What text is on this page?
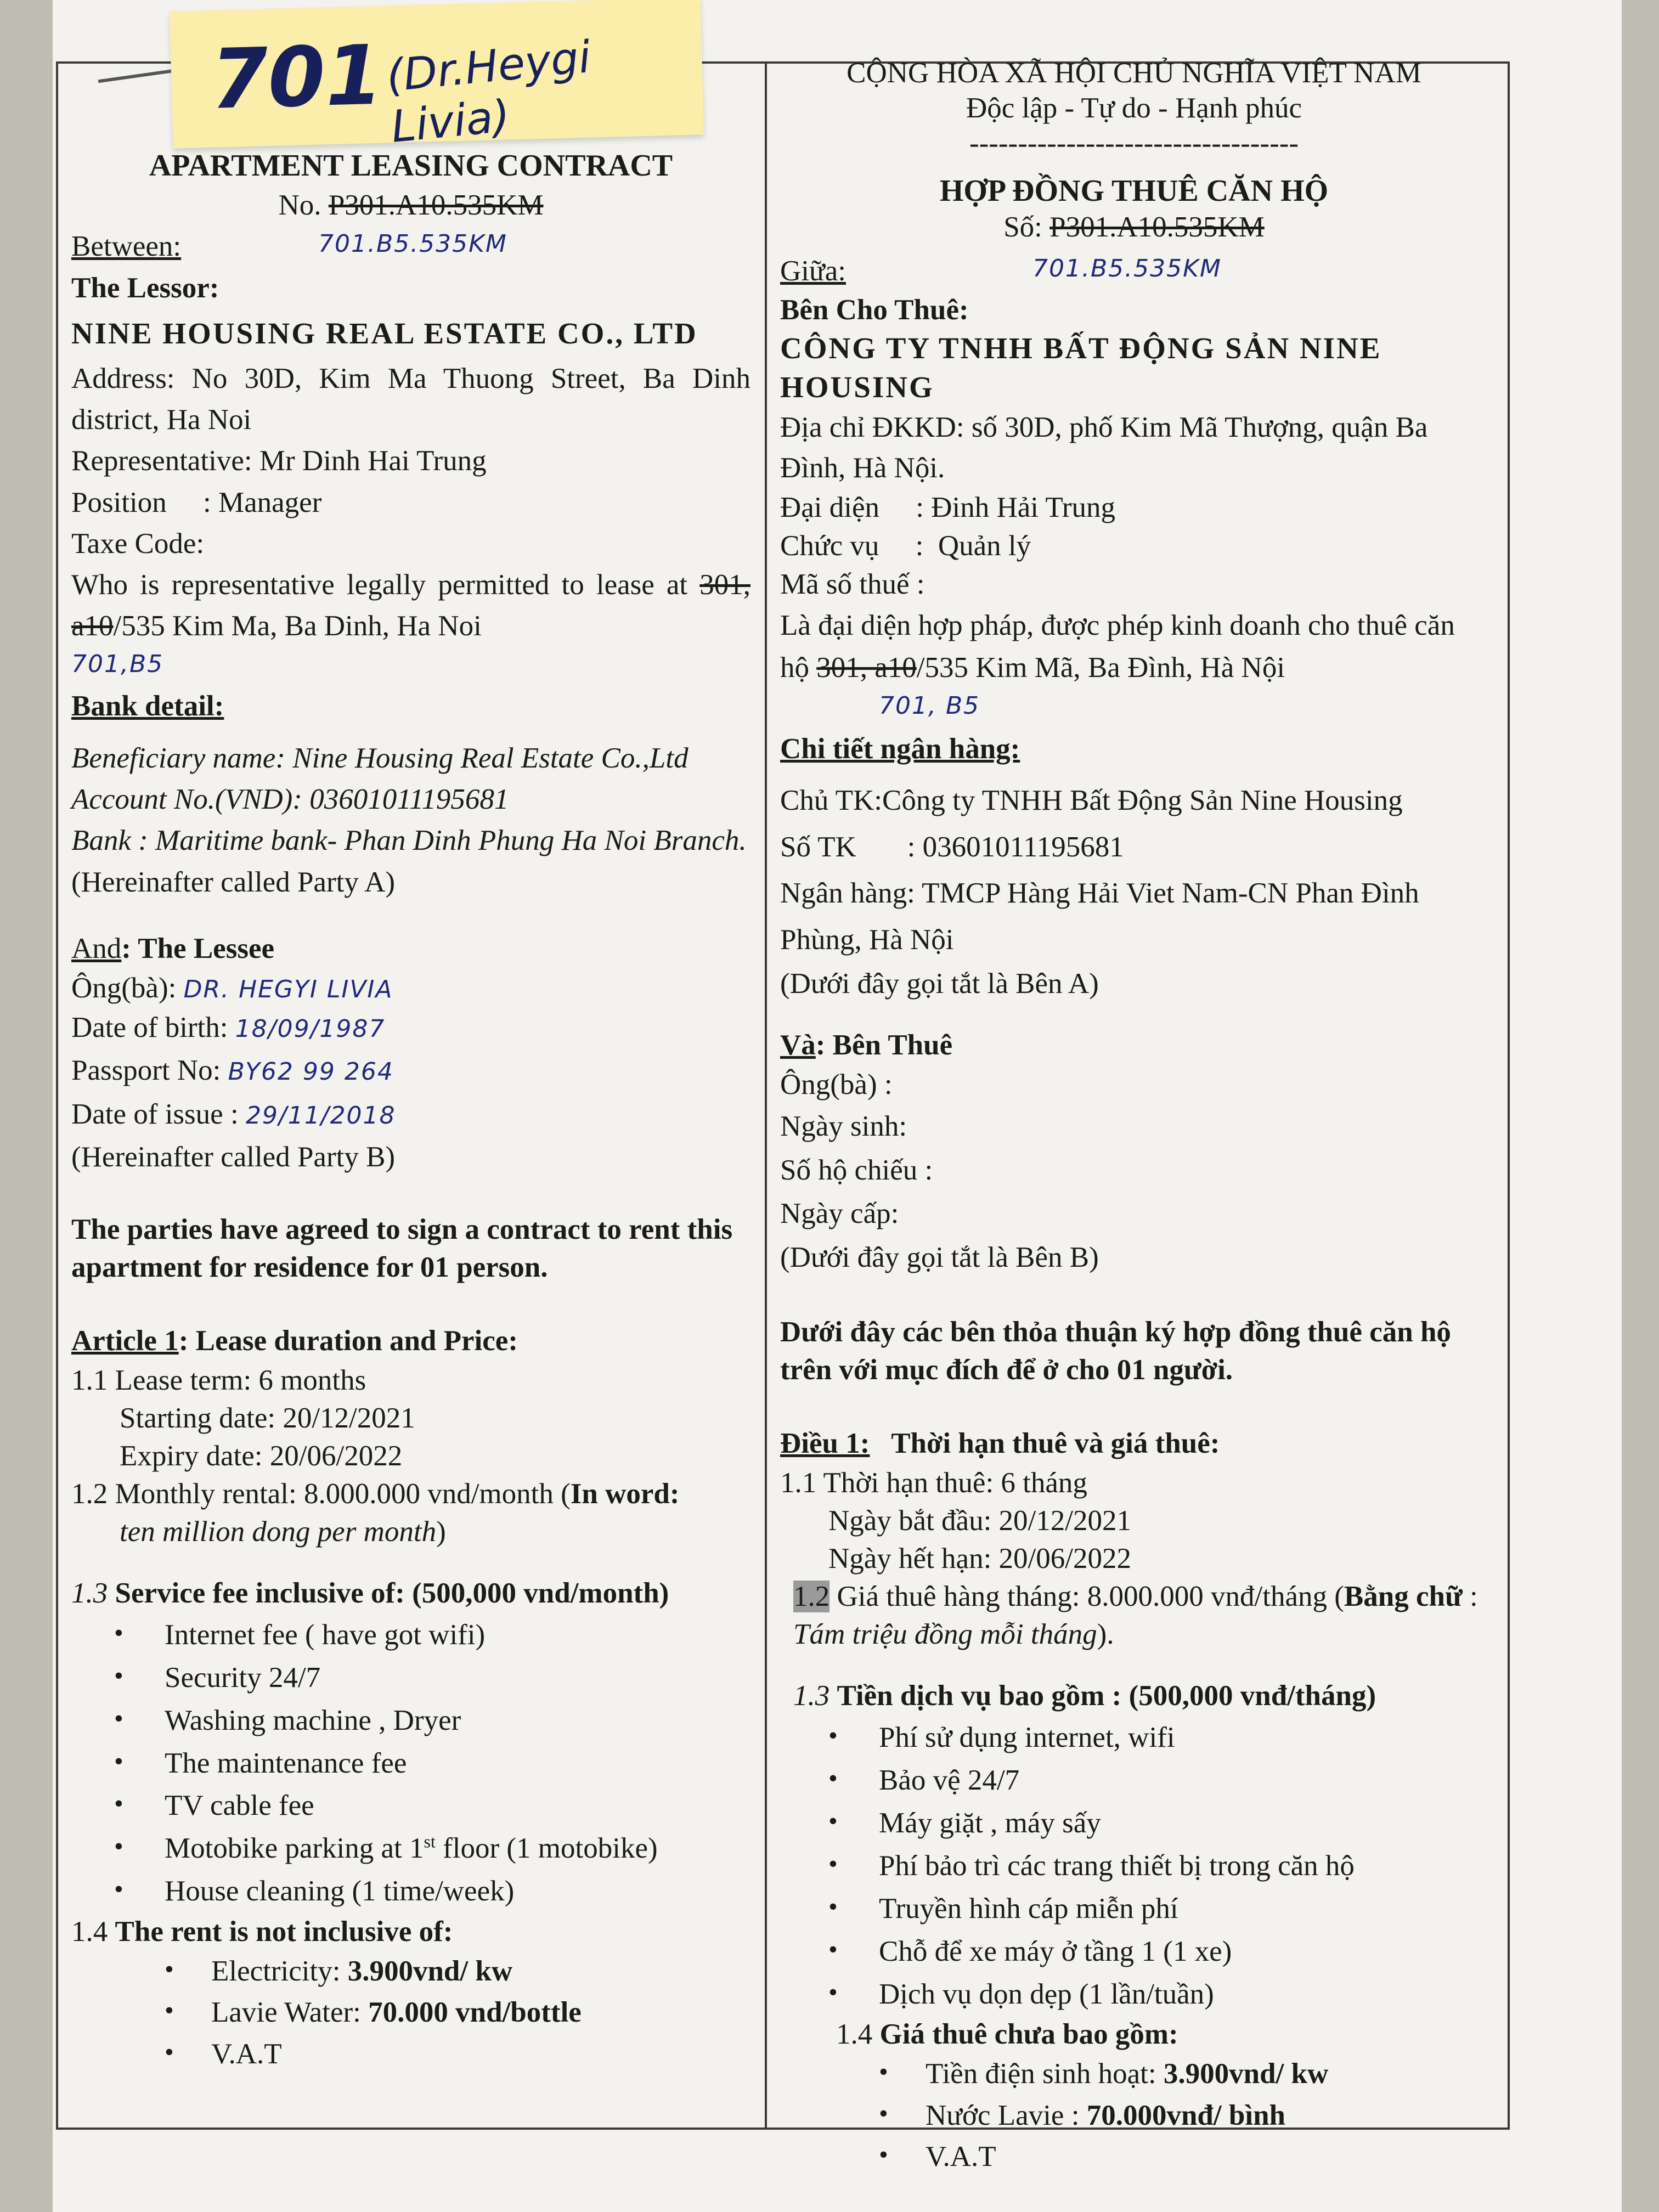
APARTMENT LEASING CONTRACT
No. P301.A10.535KM
Between:	701.B5.535KM
The Lessor:
NINE HOUSING REAL ESTATE CO., LTD
Address: No 30D, Kim Ma Thuong Street, Ba Dinh district, Ha Noi
Representative: Mr Dinh Hai Trung
Position     : Manager
Taxe Code:
Who is representative legally permitted to lease at 301, a10/535 Kim Ma, Ba Dinh, Ha Noi
701,B5
Bank detail:
Beneficiary name: Nine Housing Real Estate Co.,Ltd
Account No.(VND): 03601011195681
Bank : Maritime bank- Phan Dinh Phung Ha Noi Branch.
(Hereinafter called Party A)
And: The Lessee
Ông(bà): DR. HEGYI LIVIA
Date of birth: 18/09/1987
Passport No: BY62 99 264
Date of issue : 29/11/2018
(Hereinafter called Party B)
The parties have agreed to sign a contract to rent this apartment for residence for 01 person.
Article 1: Lease duration and Price:
1.1 Lease term: 6 months
Starting date: 20/12/2021
Expiry date: 20/06/2022
1.2 Monthly rental: 8.000.000 vnd/month (In word: ten million dong per month)
1.3 Service fee inclusive of: (500,000 vnd/month)
• Internet fee ( have got wifi)
• Security 24/7
• Washing machine , Dryer
• The maintenance fee
• TV cable fee
• Motobike parking at 1st floor (1 motobike)
• House cleaning (1 time/week)
1.4 The rent is not inclusive of:
• Electricity: 3.900vnd/ kw
• Lavie Water: 70.000 vnd/bottle
• V.A.T
CỘNG HÒA XÃ HỘI CHỦ NGHĨA VIỆT NAM
Độc lập - Tự do - Hạnh phúc
----------------------------------
HỢP ĐỒNG THUÊ CĂN HỘ
Số: P301.A10.535KM
Giữa:	701.B5.535KM
Bên Cho Thuê:
CÔNG TY TNHH BẤT ĐỘNG SẢN NINE HOUSING
Địa chỉ ĐKKD: số 30D, phố Kim Mã Thượng, quận Ba Đình, Hà Nội.
Đại diện     : Đinh Hải Trung
Chức vụ     :  Quản lý
Mã số thuế :
Là đại diện hợp pháp, được phép kinh doanh cho thuê căn hộ 301, a10/535 Kim Mã, Ba Đình, Hà Nội
701, B5
Chi tiết ngân hàng:
Chủ TK:Công ty TNHH Bất Động Sản Nine Housing
Số TK       : 03601011195681
Ngân hàng: TMCP Hàng Hải Viet Nam-CN Phan Đình Phùng, Hà Nội
(Dưới đây gọi tắt là Bên A)
Và: Bên Thuê
Ông(bà) :
Ngày sinh:
Số hộ chiếu :
Ngày cấp:
(Dưới đây gọi tắt là Bên B)
Dưới đây các bên thỏa thuận ký hợp đồng thuê căn hộ trên với mục đích để ở cho 01 người.
Điều 1:   Thời hạn thuê và giá thuê:
1.1 Thời hạn thuê: 6 tháng
Ngày bắt đầu: 20/12/2021
Ngày hết hạn: 20/06/2022
1.2 Giá thuê hàng tháng: 8.000.000 vnđ/tháng (Bằng chữ : Tám triệu đồng mỗi tháng).
1.3 Tiền dịch vụ bao gồm : (500,000 vnđ/tháng)
• Phí sử dụng internet, wifi
• Bảo vệ 24/7
• Máy giặt , máy sấy
• Phí bảo trì các trang thiết bị trong căn hộ
• Truyền hình cáp miễn phí
• Chỗ để xe máy ở tầng 1 (1 xe)
• Dịch vụ dọn dẹp (1 lần/tuần)
1.4 Giá thuê chưa bao gồm:
• Tiền điện sinh hoạt: 3.900vnd/ kw
• Nước Lavie : 70.000vnđ/ bình
• V.A.T
701 (Dr.Heygi Livia)
